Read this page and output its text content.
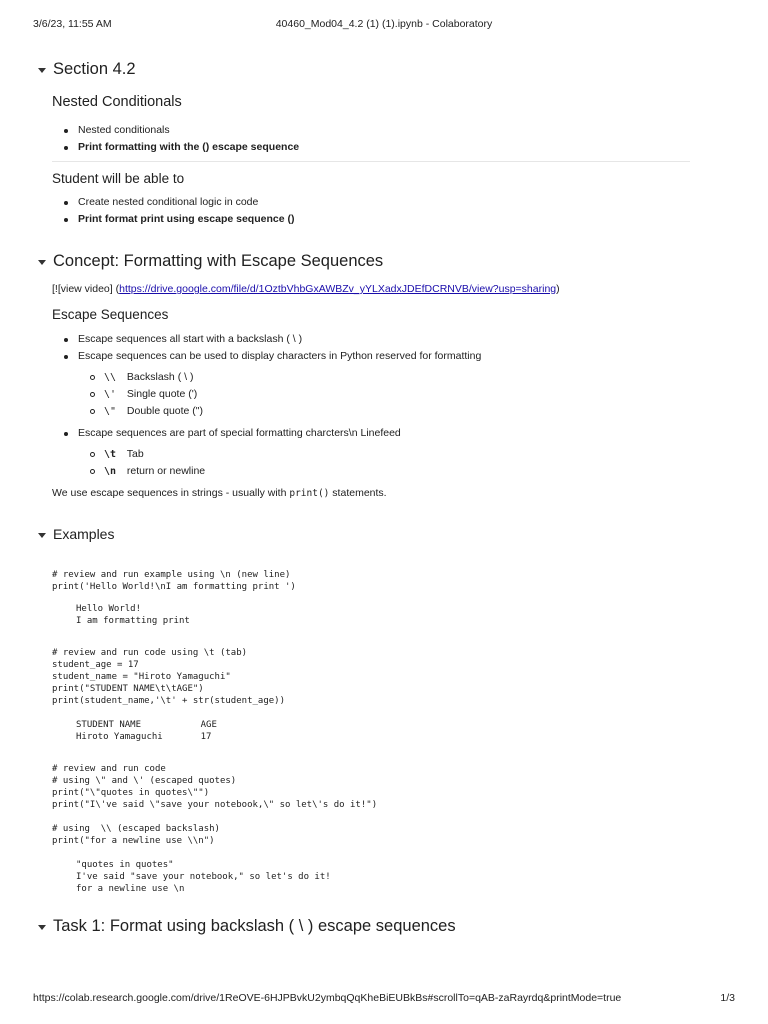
3/6/23, 11:55 AM	40460_Mod04_4.2 (1) (1).ipynb - Colaboratory
Section 4.2
Nested Conditionals
Nested conditionals
Print formatting with the () escape sequence
Student will be able to
Create nested conditional logic in code
Print format print using escape sequence ()
Concept: Formatting with Escape Sequences
[![view video] (https://drive.google.com/file/d/1OztbVhbGxAWBZv_yYLXadxJDEfDCRNVB/view?usp=sharing)
Escape Sequences
Escape sequences all start with a backslash ( \ )
Escape sequences can be used to display characters in Python reserved for formatting
\\ Backslash ( \ )
\' Single quote (')
\" Double quote (")
Escape sequences are part of special formatting charcters\n Linefeed
\t Tab
\n return or newline
We use escape sequences in strings - usually with print() statements.
Examples
# review and run example using \n (new line)
print('Hello World!\nI am formatting print ')
Hello World!
I am formatting print
# review and run code using \t (tab)
student_age = 17
student_name = "Hiroto Yamaguchi"
print("STUDENT NAME\t\tAGE")
print(student_name,'\t' + str(student_age))
STUDENT NAME           AGE
Hiroto Yamaguchi       17
# review and run code
# using \" and \' (escaped quotes)
print("\"quotes in quotes\"")
print("I\'ve said \"save your notebook,\" so let\'s do it!")

# using  \\ (escaped backslash)
print("for a newline use \\n")
"quotes in quotes"
I've said "save your notebook," so let's do it!
for a newline use \n
Task 1: Format using backslash ( \ ) escape sequences
https://colab.research.google.com/drive/1ReOVE-6HJPBvkU2ymbqQqKheBiEUBkBs#scrollTo=qAB-zaRayrdq&printMode=true	1/3
